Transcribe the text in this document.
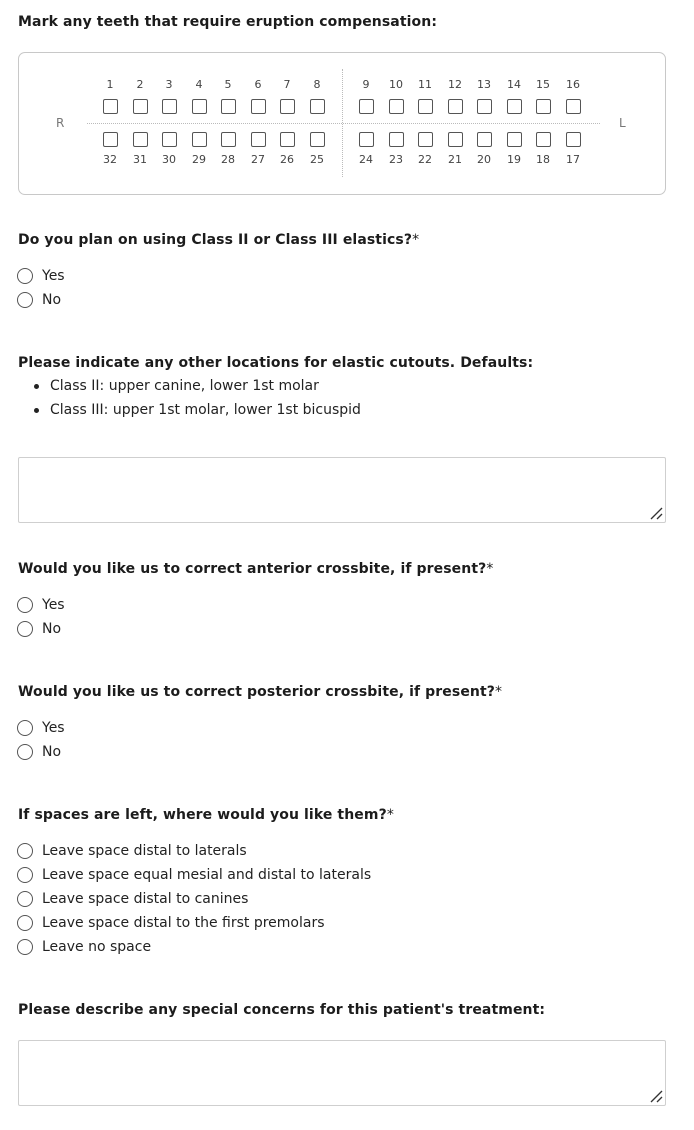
Mark any teeth that require eruption compensation:
R	L
1
32
2
31
3
30
4
29
5
28
6
27
7
26
8
25
9
24
10
23
11
22
12
21
13
20
14
19
15
18
16
17
Do you plan on using Class II or Class III elastics?*
Yes
No
Please indicate any other locations for elastic cutouts. Defaults:
Class II: upper canine, lower 1st molar
Class III: upper 1st molar, lower 1st bicuspid
Would you like us to correct anterior crossbite, if present?*
Yes
No
Would you like us to correct posterior crossbite, if present?*
Yes
No
If spaces are left, where would you like them?*
Leave space distal to laterals
Leave space equal mesial and distal to laterals
Leave space distal to canines
Leave space distal to the first premolars
Leave no space
Please describe any special concerns for this patient's treatment:
